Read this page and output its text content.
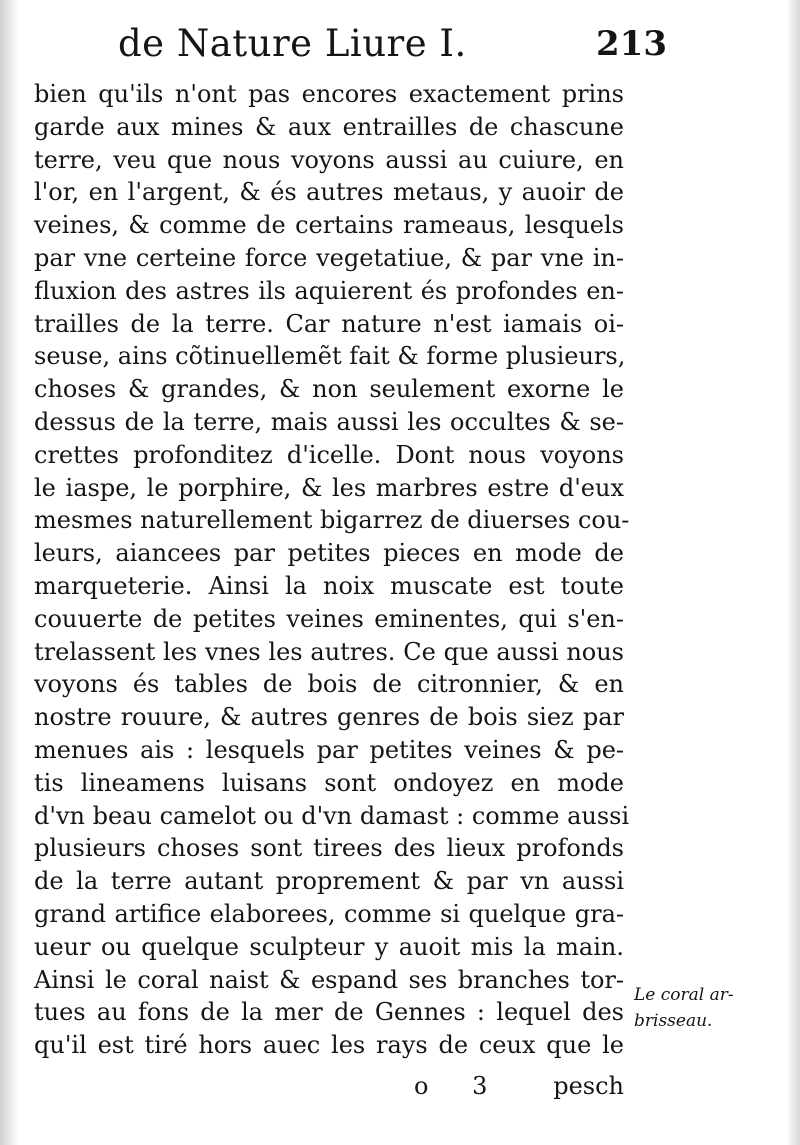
de Nature Liure I.	213
bien qu'ils n'ont pas encores exactement prins
garde aux mines & aux entrailles de chascune
terre, veu que nous voyons aussi au cuiure, en
l'or, en l'argent, & és autres metaus, y auoir de
veines, & comme de certains rameaus, lesquels
par vne certeine force vegetatiue, & par vne in-
fluxion des astres ils aquierent és profondes en-
trailles de la terre. Car nature n'est iamais oi-
seuse, ains cõtinuellemẽt fait & forme plusieurs,
choses & grandes, & non seulement exorne le
dessus de la terre, mais aussi les occultes & se-
crettes profonditez d'icelle. Dont nous voyons
le iaspe, le porphire, & les marbres estre d'eux
mesmes naturellement bigarrez de diuerses cou-
leurs, aiancees par petites pieces en mode de
marqueterie. Ainsi la noix muscate est toute
couuerte de petites veines eminentes, qui s'en-
trelassent les vnes les autres. Ce que aussi nous
voyons és tables de bois de citronnier, & en
nostre rouure, & autres genres de bois siez par
menues ais : lesquels par petites veines & pe-
tis lineamens luisans sont ondoyez en mode
d'vn beau camelot ou d'vn damast : comme aussi
plusieurs choses sont tirees des lieux profonds
de la terre autant proprement & par vn aussi
grand artifice elaborees, comme si quelque gra-
ueur ou quelque sculpteur y auoit mis la main.
Ainsi le coral naist & espand ses branches tor-
tues au fons de la mer de Gennes : lequel des
qu'il est tiré hors auec les rays de ceux que le
Le coral ar-
brisseau.
o 3 pesch
